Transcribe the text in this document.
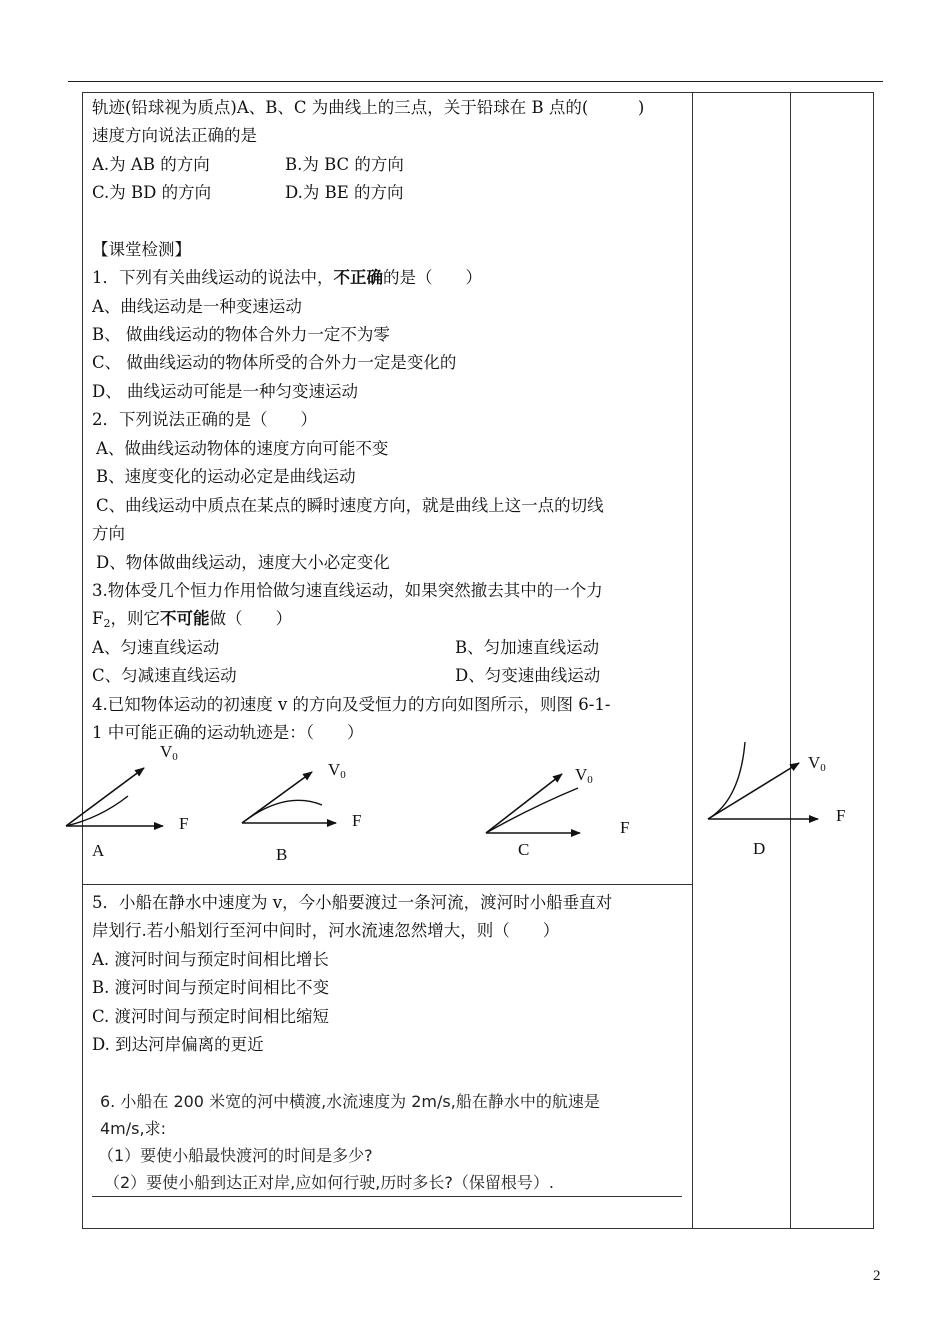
轨迹(铅球视为质点)A、B、C 为曲线上的三点，关于铅球在 B 点的(　　　)
速度方向说法正确的是
A.为 AB 的方向	B.为 BC 的方向
C.为 BD 的方向	D.为 BE 的方向
【课堂检测】
1．下列有关曲线运动的说法中，不正确的是（　　）
A、曲线运动是一种变速运动
B、 做曲线运动的物体合外力一定不为零
C、 做曲线运动的物体所受的合外力一定是变化的
D、 曲线运动可能是一种匀变速运动
2．下列说法正确的是（　　）
A、做曲线运动物体的速度方向可能不变
B、速度变化的运动必定是曲线运动
C、曲线运动中质点在某点的瞬时速度方向，就是曲线上这一点的切线
方向
D、物体做曲线运动，速度大小必定变化
3.物体受几个恒力作用恰做匀速直线运动，如果突然撤去其中的一个力
$F_2$，则它不可能做（　　）
A、匀速直线运动	B、匀加速直线运动
C、匀减速直线运动	D、匀变速曲线运动
4.已知物体运动的初速度 v 的方向及受恒力的方向如图所示，则图 6-1-
1 中可能正确的运动轨迹是：（　　）
$V_0$
F
A
$V_0$
F
B
$V_0$
F
C
$V_0$
F
D
5．小船在静水中速度为 v，今小船要渡过一条河流，渡河时小船垂直对
岸划行.若小船划行至河中间时，河水流速忽然增大，则（　　）
A. 渡河时间与预定时间相比增长
B. 渡河时间与预定时间相比不变
C. 渡河时间与预定时间相比缩短
D. 到达河岸偏离的更近
6. 小船在 200 米宽的河中横渡,水流速度为 2m/s,船在静水中的航速是
4m/s,求:
（1）要使小船最快渡河的时间是多少?
（2）要使小船到达正对岸,应如何行驶,历时多长?（保留根号）.
2
